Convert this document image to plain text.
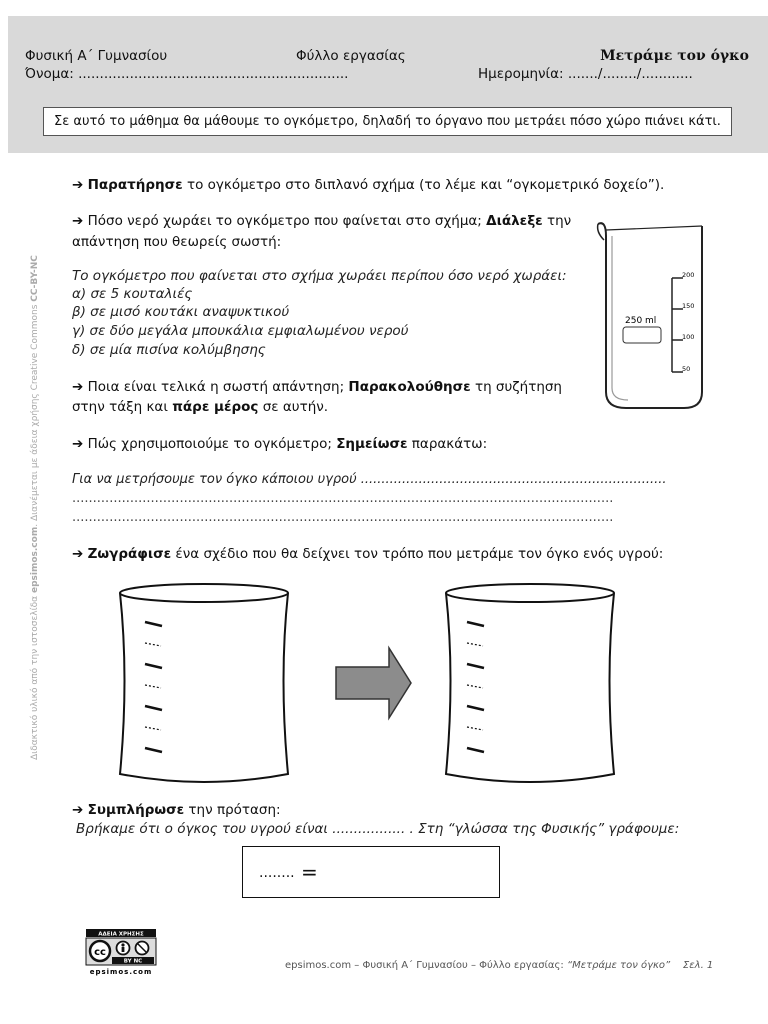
Φυσική Α΄ Γυμνασίου	Φύλλο εργασίας	Μετράμε τον όγκο
Όνομα: ...............................................................	Ημερομηνία: ......./......../............
Σε αυτό το μάθημα θα μάθουμε το ογκόμετρο, δηλαδή το όργανο που μετράει πόσο χώρο πιάνει κάτι.
Διδακτικό υλικό από την ιστοσελίδα epsimos.com. Διανέμεται με άδεια χρήσης Creative Commons CC-BY-NC
➔ Παρατήρησε το ογκόμετρο στο διπλανό σχήμα (το λέμε και “ογκομετρικό δοχείο”).
➔ Πόσο νερό χωράει το ογκόμετρο που φαίνεται στο σχήμα; Διάλεξε την
απάντηση που θεωρείς σωστή:
Το ογκόμετρο που φαίνεται στο σχήμα χωράει περίπου όσο νερό χωράει:
α) σε 5 κουταλιές
β) σε μισό κουτάκι αναψυκτικού
γ) σε δύο μεγάλα μπουκάλια εμφιαλωμένου νερού
δ) σε μία πισίνα κολύμβησης
200
150
100
50
250 ml
➔ Ποια είναι τελικά η σωστή απάντηση; Παρακολούθησε τη συζήτηση
στην τάξη και πάρε μέρος σε αυτήν.
➔ Πώς χρησιμοποιούμε το ογκόμετρο; Σημείωσε παρακάτω:
Για να μετρήσουμε τον όγκο κάποιου υγρού ..........................................................................
...................................................................................................................................
...................................................................................................................................
➔ Ζωγράφισε ένα σχέδιο που θα δείχνει τον τρόπο που μετράμε τον όγκο ενός υγρού:
➔ Συμπλήρωσε την πρόταση:
Βρήκαμε ότι ο όγκος του υγρού είναι ................. . Στη “γλώσσα της Φυσικής” γράφουμε:
........ =
ΑΔΕΙΑ ΧΡΗΣΗΣ
cc
BY NC
epsimos.com
epsimos.com – Φυσική Α΄ Γυμνασίου – Φύλλο εργασίας: “Μετράμε τον όγκο” Σελ. 1
